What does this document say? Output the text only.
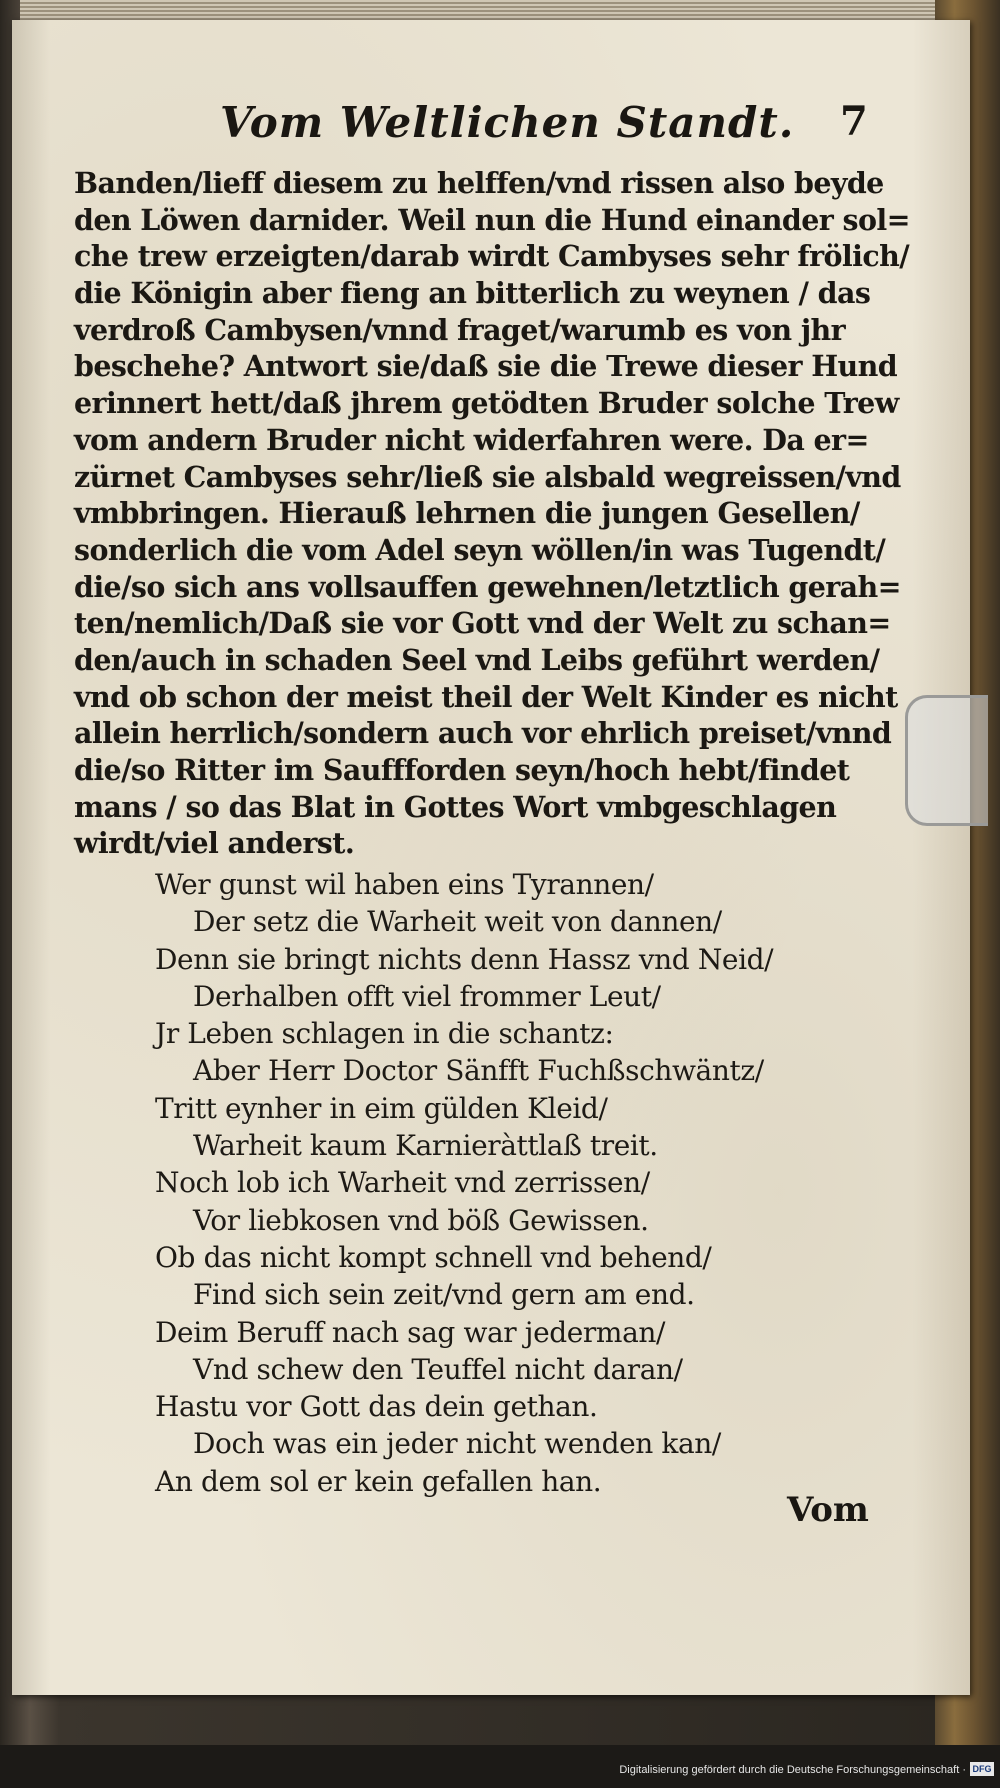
Vom Weltlichen Standt. 7
Banden/lieff diesem zu helffen/vnd rissen also beyde
den Löwen darnider. Weil nun die Hund einander sol=
che trew erzeigten/darab wirdt Cambyses sehr frölich/
die Königin aber fieng an bitterlich zu weynen / das
verdroß Cambysen/vnnd fraget/warumb es von jhr
beschehe? Antwort sie/daß sie die Trewe dieser Hund
erinnert hett/daß jhrem getödten Bruder solche Trew
vom andern Bruder nicht widerfahren were. Da er=
zürnet Cambyses sehr/ließ sie alsbald wegreissen/vnd
vmbbringen. Hierauß lehrnen die jungen Gesellen/
sonderlich die vom Adel seyn wöllen/in was Tugendt/
die/so sich ans vollsauffen gewehnen/letztlich gerah=
ten/nemlich/Daß sie vor Gott vnd der Welt zu schan=
den/auch in schaden Seel vnd Leibs geführt werden/
vnd ob schon der meist theil der Welt Kinder es nicht
allein herrlich/sondern auch vor ehrlich preiset/vnnd
die/so Ritter im Sauffforden seyn/hoch hebt/findet
mans / so das Blat in Gottes Wort vmbgeschlagen
wirdt/viel anderst.
Wer gunst wil haben eins Tyrannen/
Der setz die Warheit weit von dannen/
Denn sie bringt nichts denn Hassz vnd Neid/
Derhalben offt viel frommer Leut/
Jr Leben schlagen in die schantz:
Aber Herr Doctor Sänfft Fuchßschwäntz/
Tritt eynher in eim gülden Kleid/
Warheit kaum Karnieràttlaß treit.
Noch lob ich Warheit vnd zerrissen/
Vor liebkosen vnd böß Gewissen.
Ob das nicht kompt schnell vnd behend/
Find sich sein zeit/vnd gern am end.
Deim Beruff nach sag war jederman/
Vnd schew den Teuffel nicht daran/
Hastu vor Gott das dein gethan.
Doch was ein jeder nicht wenden kan/
An dem sol er kein gefallen han.
Vom
Digitalisierung gefördert durch die Deutsche Forschungsgemeinschaft · DFG
